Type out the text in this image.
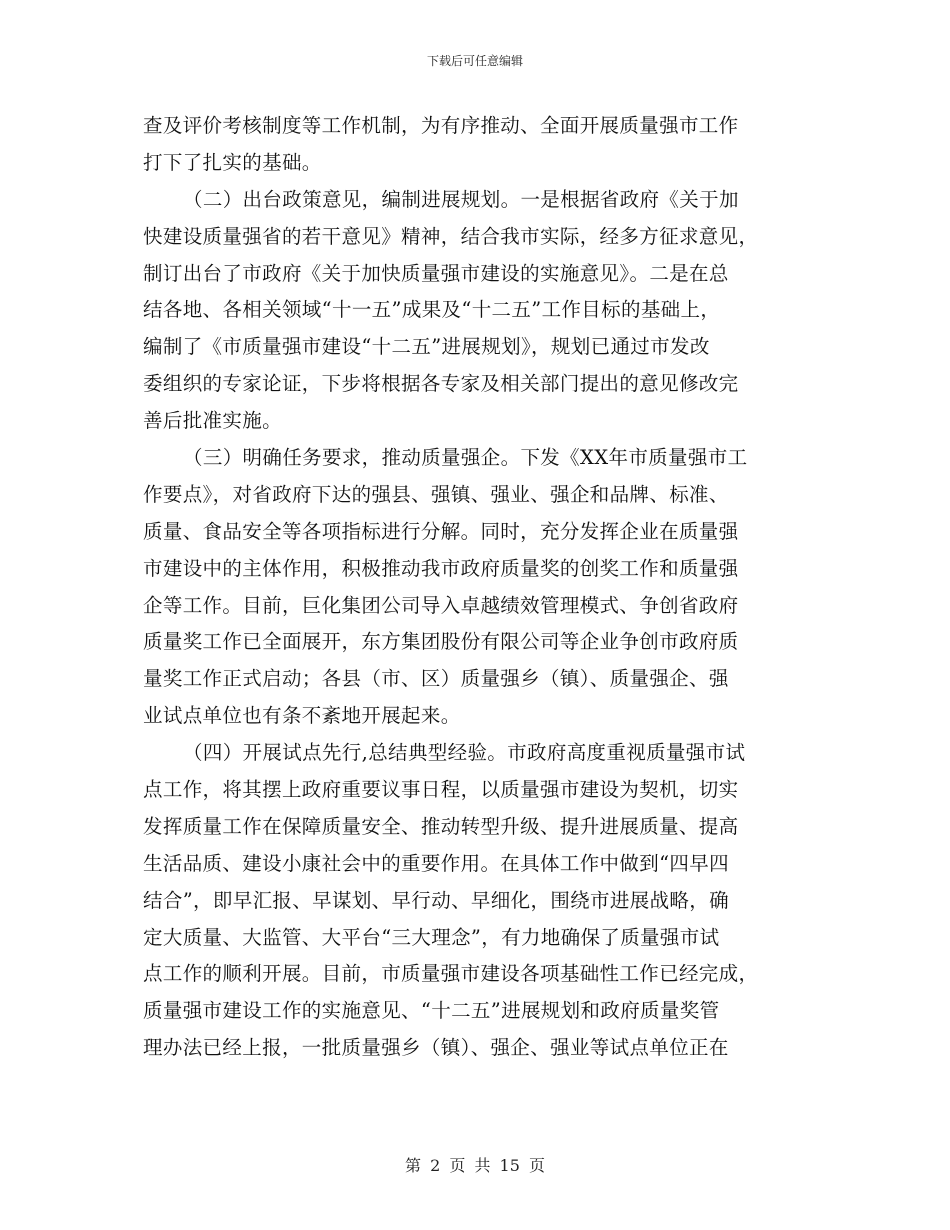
下载后可任意编辑
查及评价考核制度等工作机制，为有序推动、全面开展质量强市工作
打下了扎实的基础。
（二）出台政策意见，编制进展规划。一是根据省政府《关于加
快建设质量强省的若干意见》精神，结合我市实际，经多方征求意见，
制订出台了市政府《关于加快质量强市建设的实施意见》。二是在总
结各地、各相关领域“十一五”成果及“十二五”工作目标的基础上，
编制了《市质量强市建设“十二五”进展规划》，规划已通过市发改
委组织的专家论证，下步将根据各专家及相关部门提出的意见修改完
善后批准实施。
（三）明确任务要求，推动质量强企。下发《XX年市质量强市工
作要点》，对省政府下达的强县、强镇、强业、强企和品牌、标准、
质量、食品安全等各项指标进行分解。同时，充分发挥企业在质量强
市建设中的主体作用，积极推动我市政府质量奖的创奖工作和质量强
企等工作。目前，巨化集团公司导入卓越绩效管理模式、争创省政府
质量奖工作已全面展开，东方集团股份有限公司等企业争创市政府质
量奖工作正式启动；各县（市、区）质量强乡（镇）、质量强企、强
业试点单位也有条不紊地开展起来。
（四）开展试点先行,总结典型经验。市政府高度重视质量强市试
点工作，将其摆上政府重要议事日程，以质量强市建设为契机，切实
发挥质量工作在保障质量安全、推动转型升级、提升进展质量、提高
生活品质、建设小康社会中的重要作用。在具体工作中做到“四早四
结合”，即早汇报、早谋划、早行动、早细化，围绕市进展战略，确
定大质量、大监管、大平台“三大理念”，有力地确保了质量强市试
点工作的顺利开展。目前，市质量强市建设各项基础性工作已经完成，
质量强市建设工作的实施意见、“十二五”进展规划和政府质量奖管
理办法已经上报，一批质量强乡（镇）、强企、强业等试点单位正在
第 2 页 共 15 页
